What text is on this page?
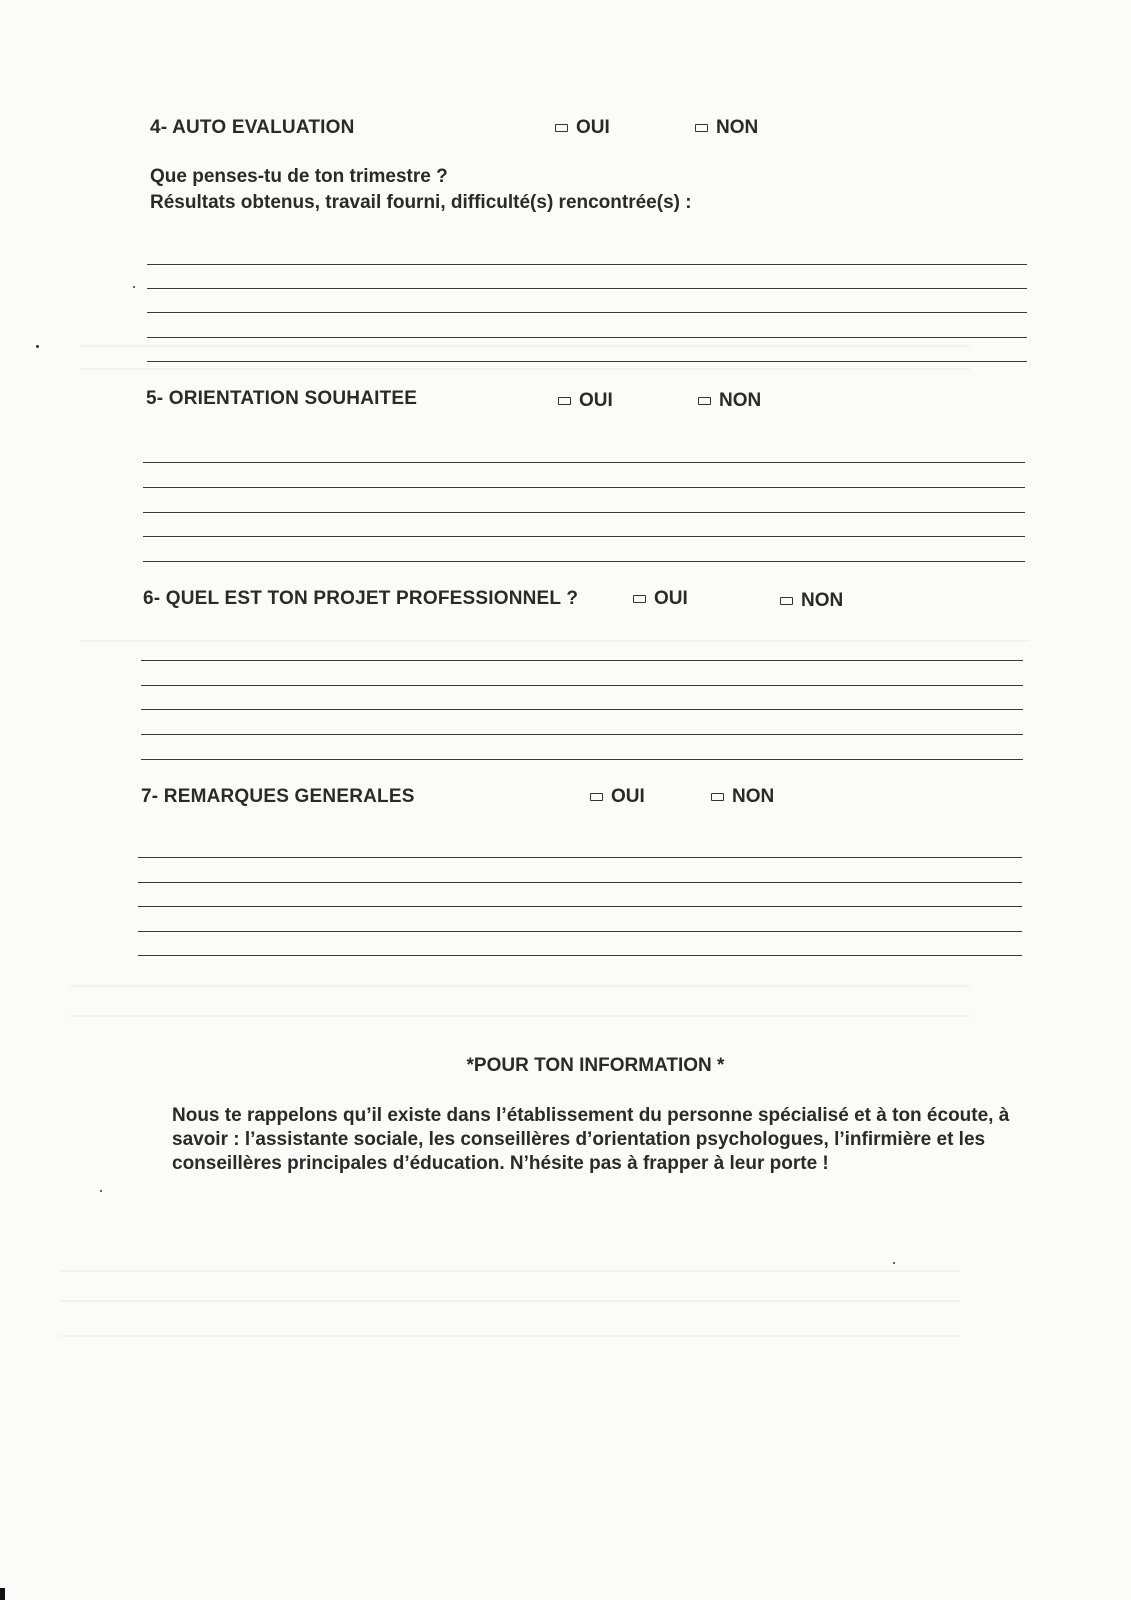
4- AUTO EVALUATION	OUI	NON
Que penses-tu de ton trimestre ?
Résultats obtenus, travail fourni, difficulté(s) rencontrée(s) :
5- ORIENTATION SOUHAITEE	OUI	NON
6- QUEL EST TON PROJET PROFESSIONNEL ?	OUI	NON
7- REMARQUES GENERALES	OUI	NON
*POUR TON INFORMATION *
Nous te rappelons qu’il existe dans l’établissement du personne spécialisé et à ton écoute, à savoir : l’assistante sociale, les conseillères d’orientation psychologues, l’infirmière et les conseillères principales d’éducation. N’hésite pas à frapper à leur porte !
